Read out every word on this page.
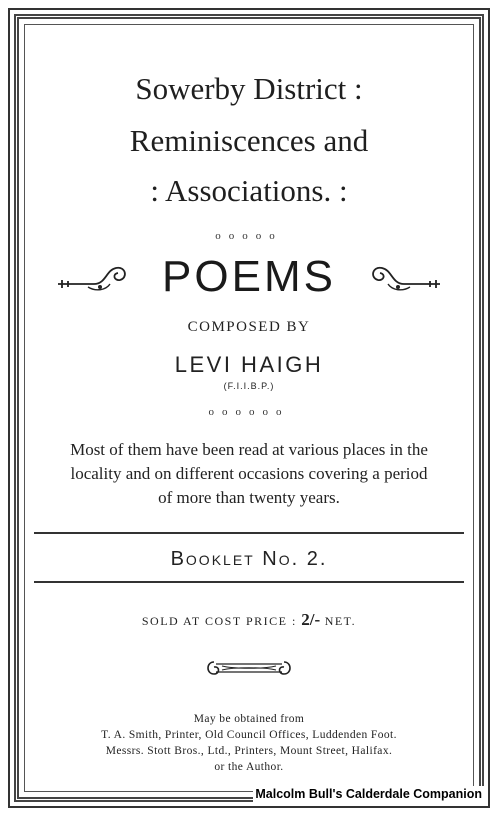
Sowerby District :
Reminiscences and
: Associations. :
ooooo
POEMS
COMPOSED BY
LEVI HAIGH
(F.I.I.B.P.)
oooooo
Most of them have been read at various places in the
locality and on different occasions covering a period
of more than twenty years.
Booklet No. 2.
SOLD AT COST PRICE : 2/- NET.
May be obtained from
T. A. Smith, Printer, Old Council Offices, Luddenden Foot.
Messrs. Stott Bros., Ltd., Printers, Mount Street, Halifax.
or the Author.
Malcolm Bull's Calderdale Companion
